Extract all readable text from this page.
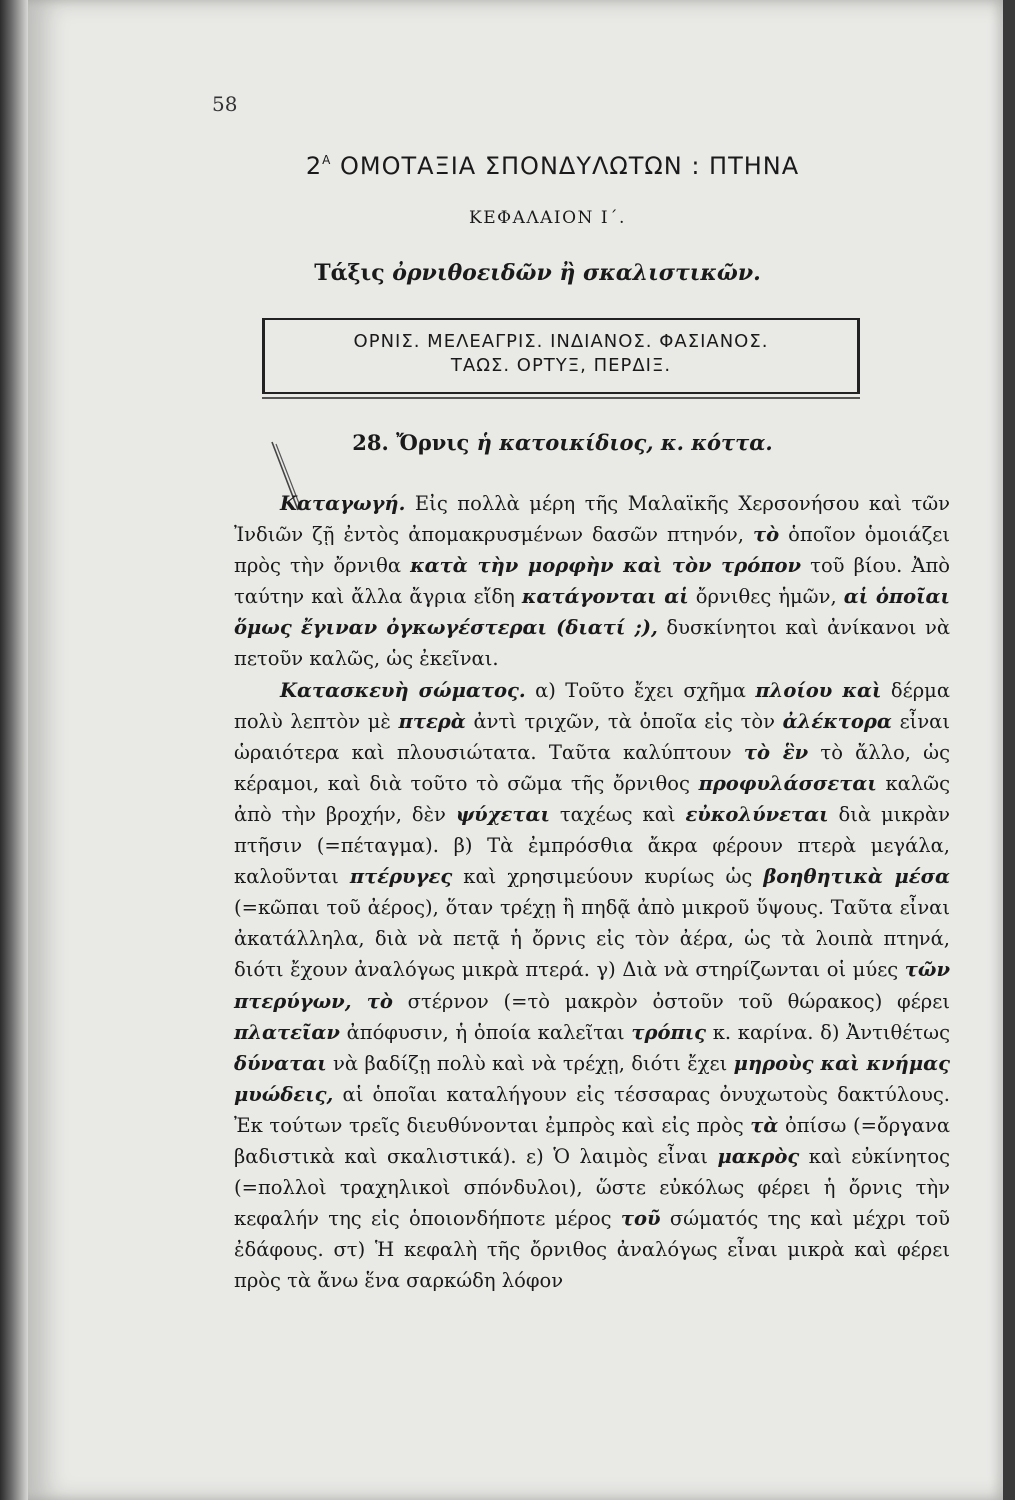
58
$2^A$ ΟΜΟΤΑΞΙΑ ΣΠΟΝΔΥΛΩΤΩΝ : ΠΤΗΝΑ
ΚΕΦΑΛΑΙΟΝ Ι΄.
Τάξις ὀρνιθοειδῶν ἢ σκαλιστικῶν.
ΟΡΝΙΣ. ΜΕΛΕΑΓΡΙΣ. ΙΝΔΙΑΝΟΣ. ΦΑΣΙΑΝΟΣ.
ΤΑΩΣ. ΟΡΤΥΞ, ΠΕΡΔΙΞ.
28. Ὄρνις ἡ κατοικίδιος, κ. κόττα.

Καταγωγή. Εἰς πολλὰ μέρη τῆς Μαλαϊκῆς Χερσονήσου καὶ τῶν Ἰνδιῶν ζῇ ἐντὸς ἀπομακρυσμένων δασῶν πτηνόν, τὸ ὁποῖον ὁμοιάζει πρὸς τὴν ὄρνιθα κατὰ τὴν μορφὴν καὶ τὸν τρόπον τοῦ βίου. Ἀπὸ ταύτην καὶ ἄλλα ἄγρια εἴδη κατάγονται αἱ ὄρνιθες ἡμῶν, αἱ ὁποῖαι ὅμως ἔγιναν ὀγκωγέστεραι (διατί ;), δυσκίνητοι καὶ ἀνίκανοι νὰ πετοῦν καλῶς, ὡς ἐκεῖναι.

Κατασκευὴ σώματος. α) Τοῦτο ἔχει σχῆμα πλοίου καὶ δέρμα πολὺ λεπτὸν μὲ πτερὰ ἀντὶ τριχῶν, τὰ ὁποῖα εἰς τὸν ἀλέκτορα εἶναι ὡραιότερα καὶ πλουσιώτατα. Ταῦτα καλύπτουν τὸ ἓν τὸ ἄλλο, ὡς κέραμοι, καὶ διὰ τοῦτο τὸ σῶμα τῆς ὄρνιθος προφυλάσσεται καλῶς ἀπὸ τὴν βροχήν, δὲν ψύχεται ταχέως καὶ εὐκολύνεται διὰ μικρὰν πτῆσιν (=πέταγμα). β) Τὰ ἐμπρόσθια ἄκρα φέρουν πτερὰ μεγάλα, καλοῦνται πτέρυγες καὶ χρησιμεύουν κυρίως ὡς βοηθητικὰ μέσα (=κῶπαι τοῦ ἀέρος), ὅταν τρέχῃ ἢ πηδᾷ ἀπὸ μικροῦ ὕψους. Ταῦτα εἶναι ἀκατάλληλα, διὰ νὰ πετᾷ ἡ ὄρνις εἰς τὸν ἀέρα, ὡς τὰ λοιπὰ πτηνά, διότι ἔχουν ἀναλόγως μικρὰ πτερά. γ) Διὰ νὰ στηρίζωνται οἱ μύες τῶν πτερύγων, τὸ στέρνον (=τὸ μακρὸν ὀστοῦν τοῦ θώρακος) φέρει πλατεῖαν ἀπόφυσιν, ἡ ὁποία καλεῖται τρόπις κ. καρίνα. δ) Ἀντιθέτως δύναται νὰ βαδίζῃ πολὺ καὶ νὰ τρέχῃ, διότι ἔχει μηροὺς καὶ κνήμας μυώδεις, αἱ ὁποῖαι καταλήγουν εἰς τέσσαρας ὀνυχωτοὺς δακτύλους. Ἐκ τούτων τρεῖς διευθύνονται ἐμπρὸς καὶ εἰς πρὸς τὰ ὀπίσω (=ὄργανα βαδιστικὰ καὶ σκαλιστικά). ε) Ὁ λαιμὸς εἶναι μακρὸς καὶ εὐκίνητος (=πολλοὶ τραχηλικοὶ σπόνδυλοι), ὥστε εὐκόλως φέρει ἡ ὄρνις τὴν κεφαλήν της εἰς ὁποιονδήποτε μέρος τοῦ σώματός της καὶ μέχρι τοῦ ἐδάφους. στ) Ἡ κεφαλὴ τῆς ὄρνιθος ἀναλόγως εἶναι μικρὰ καὶ φέρει πρὸς τὰ ἄνω ἕνα σαρκώδη λόφον
